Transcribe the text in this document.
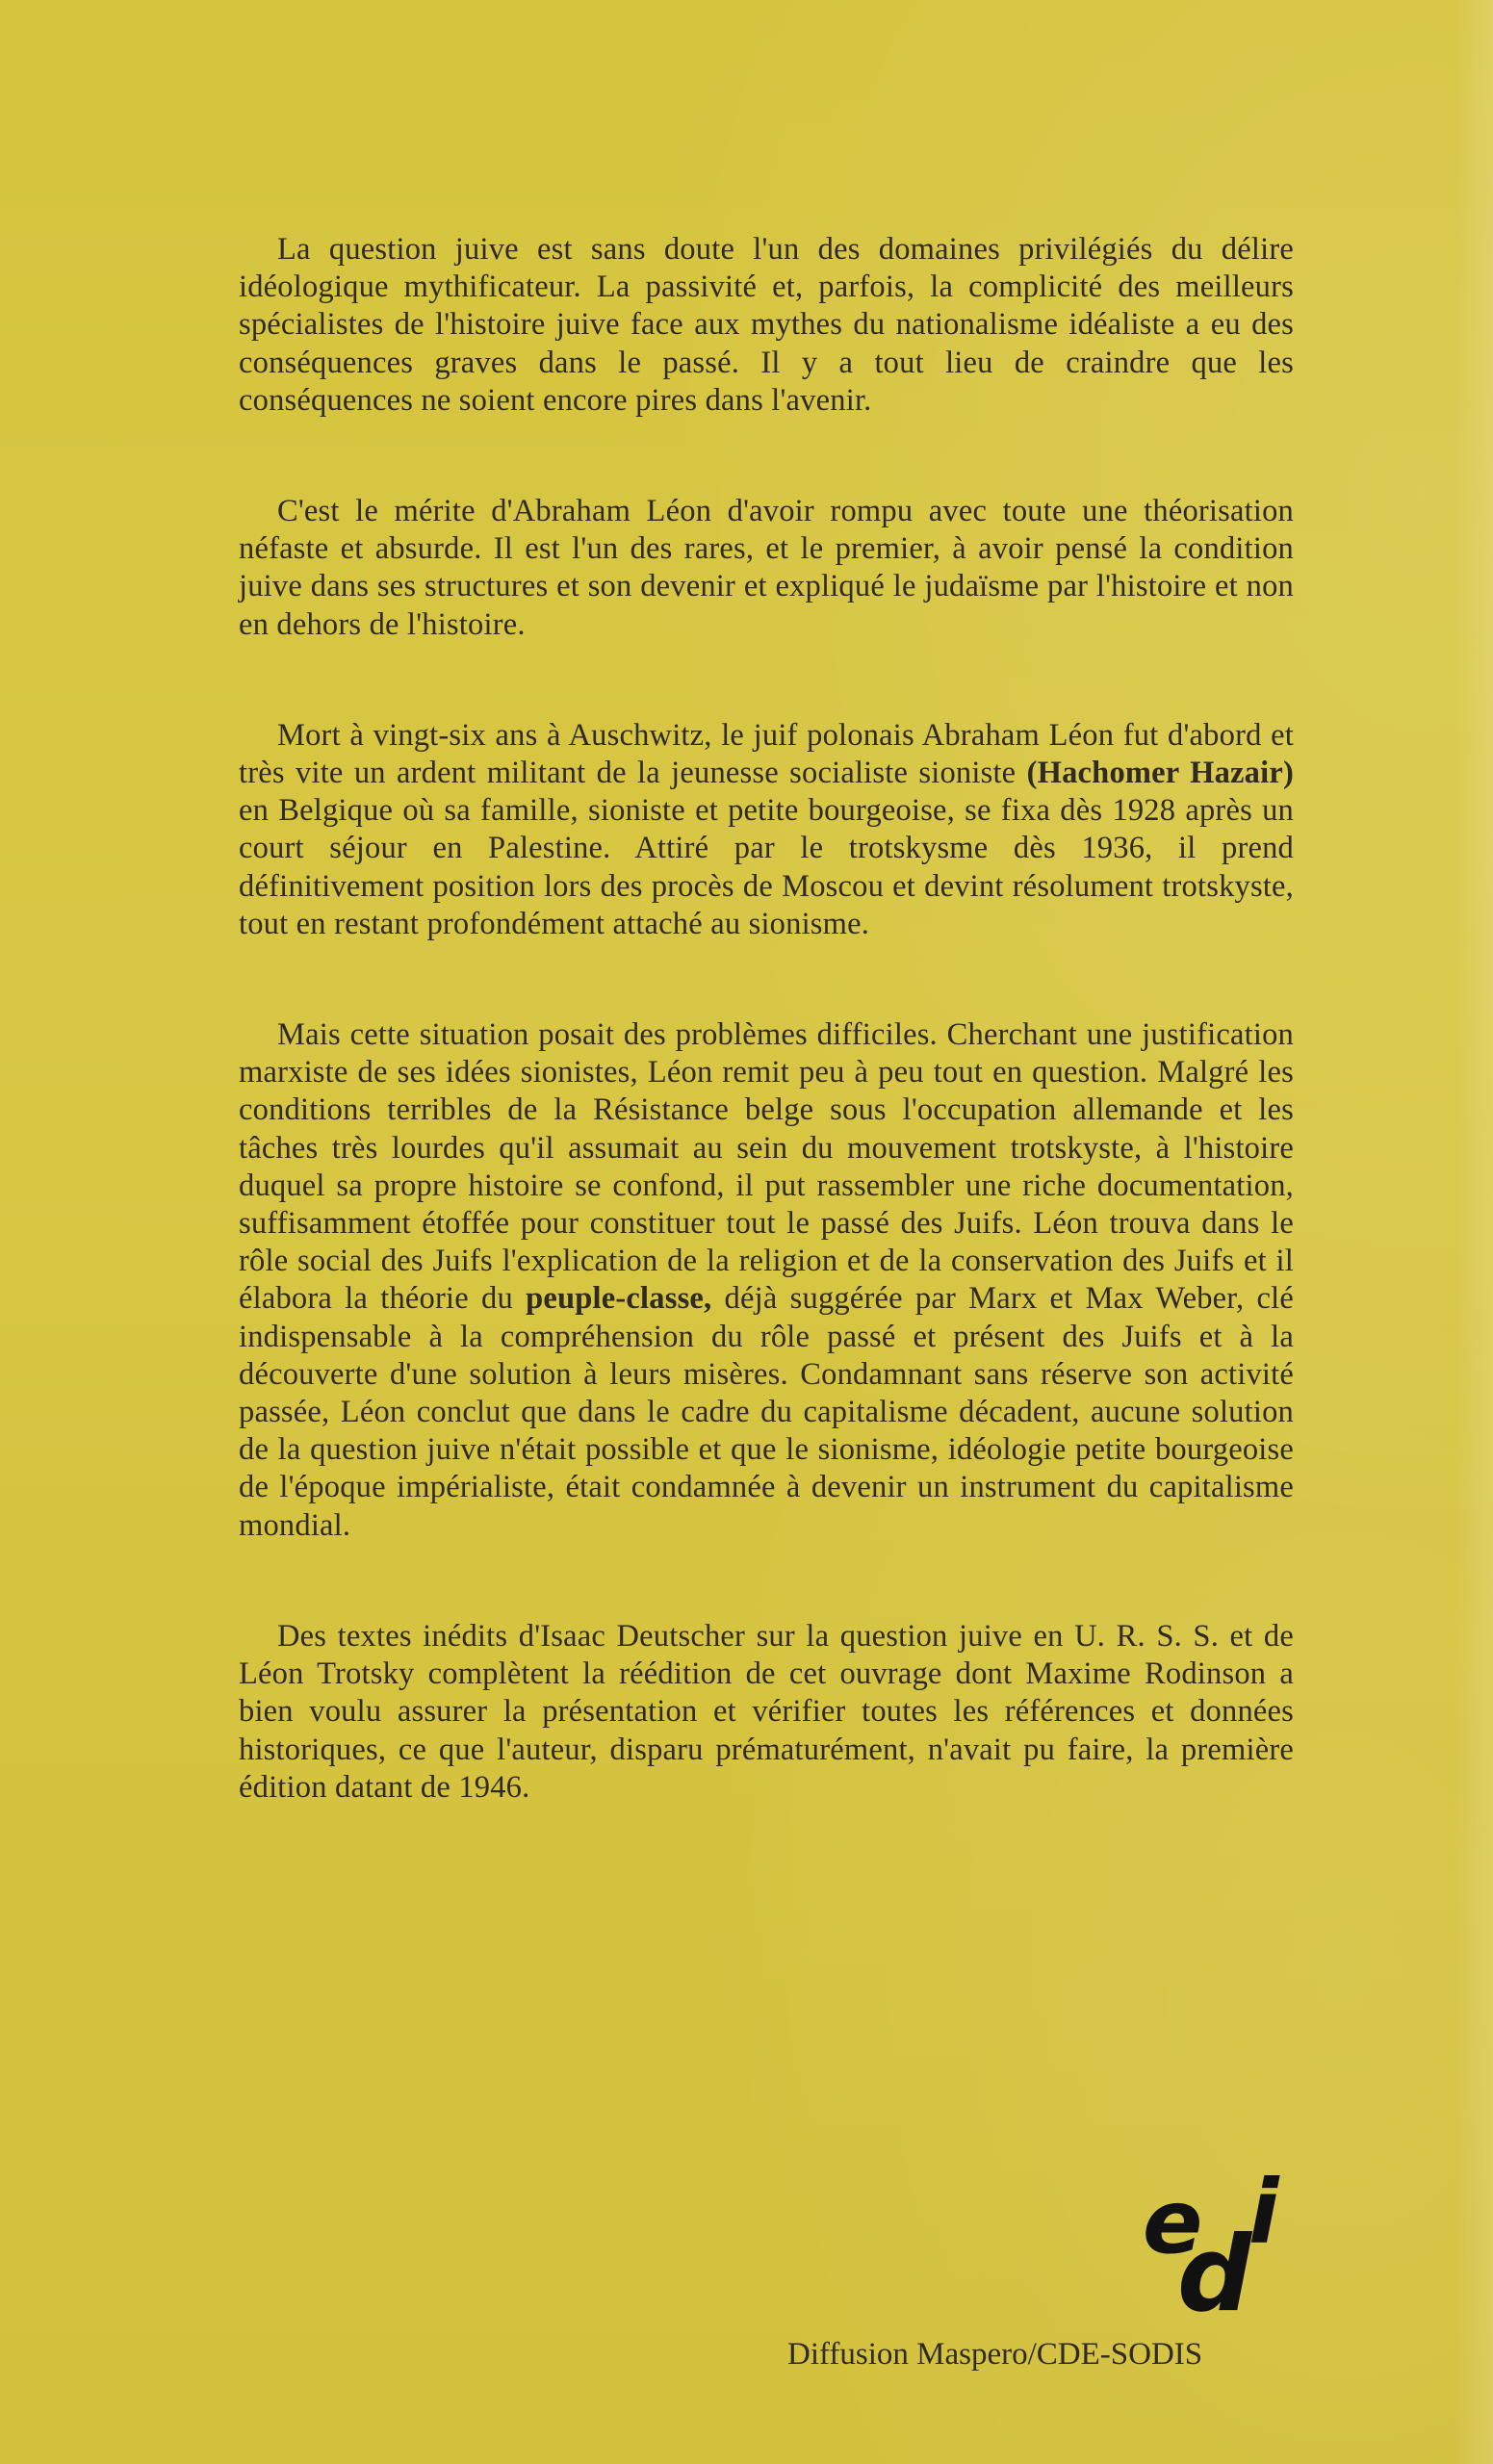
La question juive est sans doute l'un des domaines privilégiés du délire idéologique mythificateur. La passivité et, parfois, la complicité des meilleurs spécialistes de l'histoire juive face aux mythes du nationalisme idéaliste a eu des conséquences graves dans le passé. Il y a tout lieu de craindre que les conséquences ne soient encore pires dans l'avenir.

C'est le mérite d'Abraham Léon d'avoir rompu avec toute une théorisation néfaste et absurde. Il est l'un des rares, et le premier, à avoir pensé la condition juive dans ses structures et son devenir et expliqué le judaïsme par l'histoire et non en dehors de l'histoire.

Mort à vingt-six ans à Auschwitz, le juif polonais Abraham Léon fut d'abord et très vite un ardent militant de la jeunesse socialiste sioniste (Hachomer Hazair) en Belgique où sa famille, sioniste et petite bourgeoise, se fixa dès 1928 après un court séjour en Palestine. Attiré par le trotskysme dès 1936, il prend définitivement position lors des procès de Moscou et devint résolument trotskyste, tout en restant profondément attaché au sionisme.

Mais cette situation posait des problèmes difficiles. Cherchant une justification marxiste de ses idées sionistes, Léon remit peu à peu tout en question. Malgré les conditions terribles de la Résistance belge sous l'occupation allemande et les tâches très lourdes qu'il assumait au sein du mouvement trotskyste, à l'histoire duquel sa propre histoire se confond, il put rassembler une riche documentation, suffisamment étoffée pour constituer tout le passé des Juifs. Léon trouva dans le rôle social des Juifs l'explication de la religion et de la conservation des Juifs et il élabora la théorie du peuple-classe, déjà suggérée par Marx et Max Weber, clé indispensable à la compréhension du rôle passé et présent des Juifs et à la découverte d'une solution à leurs misères. Condamnant sans réserve son activité passée, Léon conclut que dans le cadre du capitalisme décadent, aucune solution de la question juive n'était possible et que le sionisme, idéologie petite bourgeoise de l'époque impérialiste, était condamnée à devenir un instrument du capitalisme mondial.

Des textes inédits d'Isaac Deutscher sur la question juive en U. R. S. S. et de Léon Trotsky complètent la réédition de cet ouvrage dont Maxime Rodinson a bien voulu assurer la présentation et vérifier toutes les références et données historiques, ce que l'auteur, disparu prématurément, n'avait pu faire, la première édition datant de 1946.

e
d
i
Diffusion Maspero/CDE-SODIS
